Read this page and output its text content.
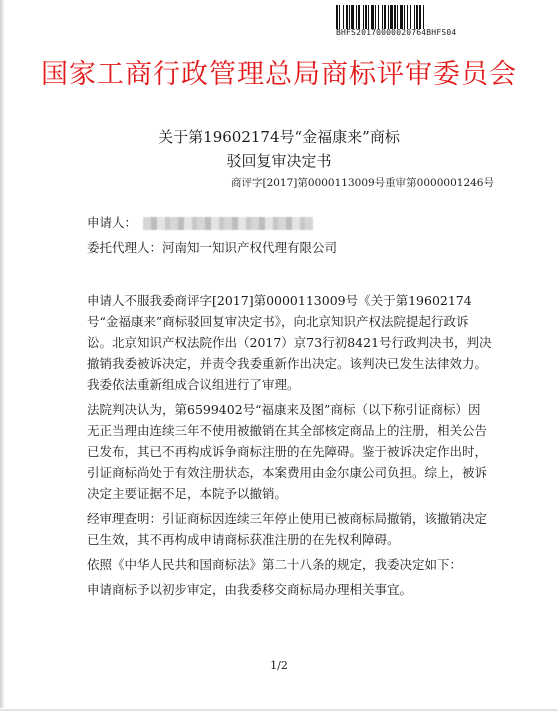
BHFS20170000020764BHFS04
国家工商行政管理总局商标评审委员会
关于第19602174号“金福康来”商标
驳回复审决定书
商评字[2017]第0000113009号重审第0000001246号
申请人：
委托代理人：河南知一知识产权代理有限公司

申请人不服我委商评字[2017]第0000113009号《关于第19602174号“金福康来”商标驳回复审决定书》，向北京知识产权法院提起行政诉讼。北京知识产权法院作出（2017）京73行初8421号行政判决书，判决撤销我委被诉决定，并责令我委重新作出决定。该判决已发生法律效力。我委依法重新组成合议组进行了审理。

法院判决认为，第6599402号“福康来及图”商标（以下称引证商标）因无正当理由连续三年不使用被撤销在其全部核定商品上的注册，相关公告已发布，其已不再构成诉争商标注册的在先障碍。鉴于被诉决定作出时，引证商标尚处于有效注册状态，本案费用由金尔康公司负担。综上，被诉决定主要证据不足，本院予以撤销。

经审理查明：引证商标因连续三年停止使用已被商标局撤销，该撤销决定已生效，其不再构成申请商标获准注册的在先权利障碍。

依照《中华人民共和国商标法》第二十八条的规定，我委决定如下：

申请商标予以初步审定，由我委移交商标局办理相关事宜。

1/2
